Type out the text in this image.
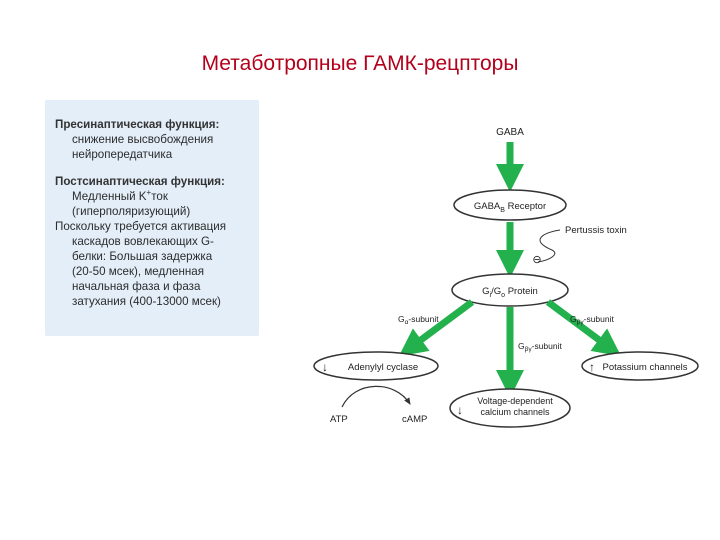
Метаботропные ГАМК-рецпторы
Пресинаптическая функция:
снижение высвобождения
нейропередатчика
Постсинаптическая функция:
Медленный K+ток
(гиперполяризующий)
Поскольку требуется активация
каскадов вовлекающих G-
белки: Большая задержка
(20-50 мсек), медленная
начальная фаза и фаза
затухания (400-13000 мсек)
GABA
$GABA_B$ Receptor
Pertussis toxin
⊖
$G_i/G_o$ Protein
$G_\alpha$-subunit	$G_{\beta\gamma}$-subunit
$G_{\beta\gamma}$-subunit
↓ Adenylyl cyclase	↑ Potassium channels
↓
Voltage-dependent
calcium channels
ATP	cAMP
